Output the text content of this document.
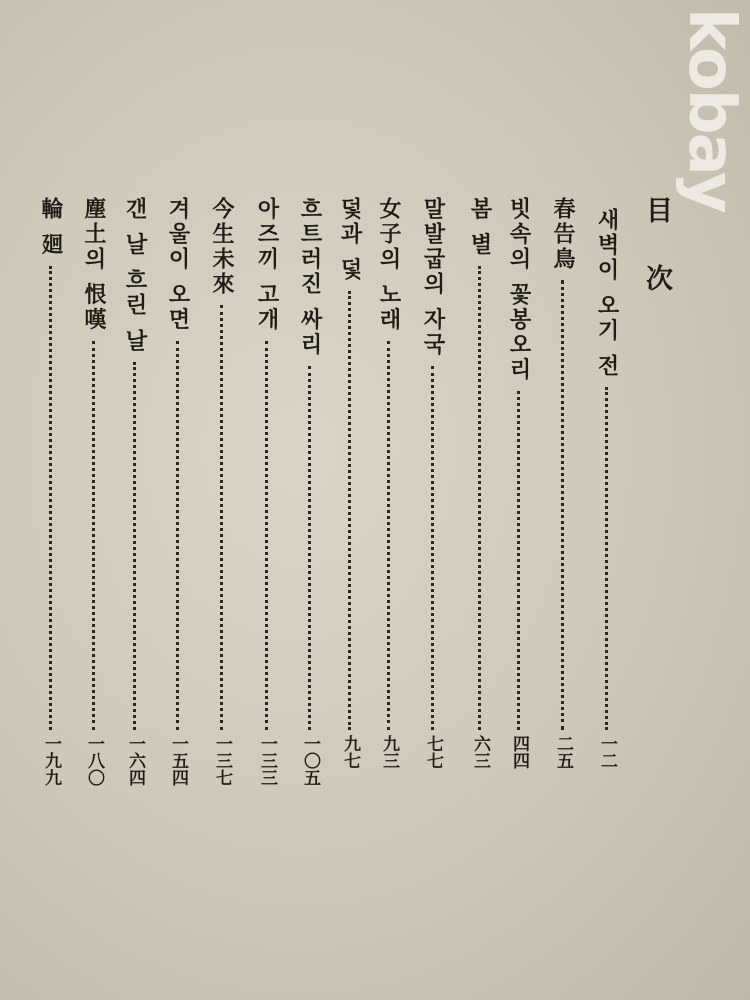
kobay
目 次
새벽이 오기 전
一二
春告鳥
二五
빗속의 꽃봉오리
四四
봄 별
六三
말발굽의 자국
七七
女子의 노래
九三
덫과 덫
九七
흐트러진 싸리
一〇五
아즈끼 고개
一三三
今生未來
一三七
겨울이 오면
一五四
갠 날 흐린 날
一六四
塵土의 恨嘆
一八〇
輪 廻
一九九
